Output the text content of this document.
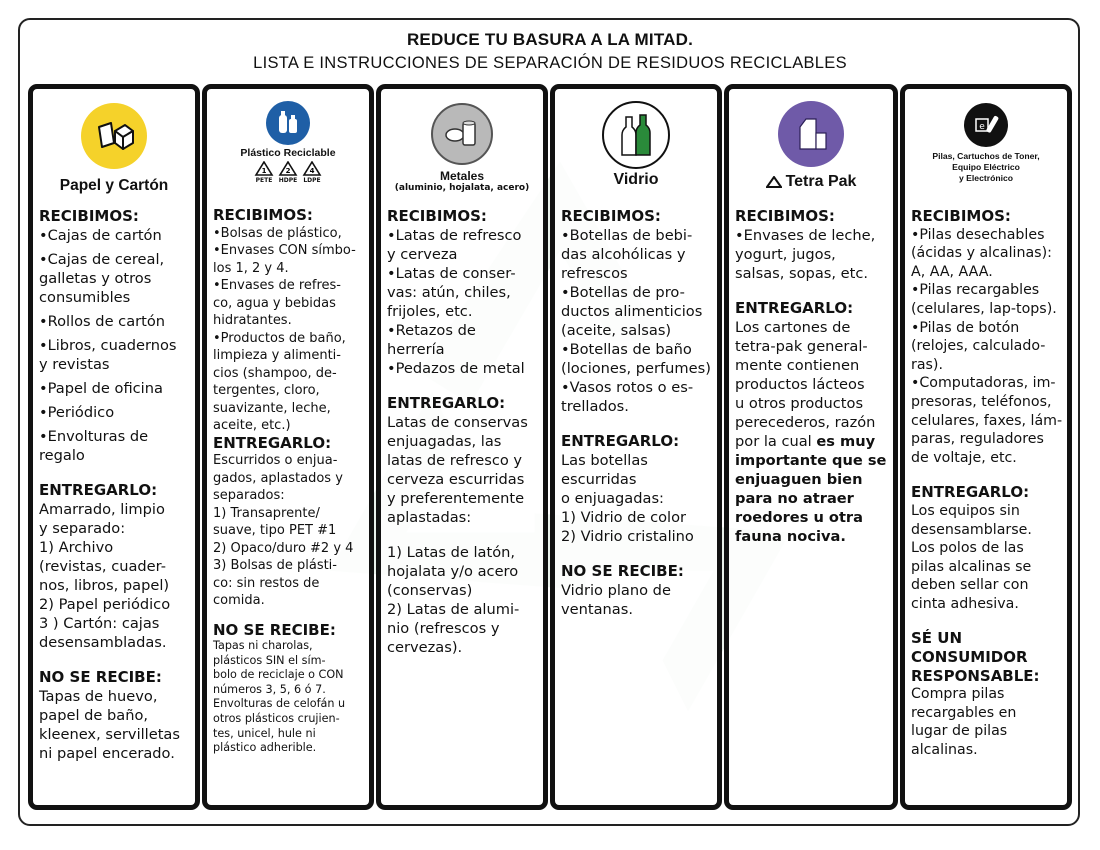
REDUCE TU BASURA A LA MITAD.
LISTA E INSTRUCCIONES DE SEPARACIÓN DE RESIDUOS RECICLABLES
Papel y Cartón
RECIBIMOS:
•Cajas de cartón
•Cajas de cereal,
galletas y otros
consumibles
•Rollos de cartón
•Libros, cuadernos
y revistas
•Papel de oficina
•Periódico
•Envolturas de
regalo
ENTREGARLO:
Amarrado, limpio
y separado:
1) Archivo
(revistas, cuader-
nos, libros, papel)
2) Papel periódico
3 ) Cartón: cajas
desensambladas.
NO SE RECIBE:
Tapas de huevo,
papel de baño,
kleenex, servilletas
ni papel encerado.
Plástico Reciclable
1
PETE
2
HDPE
4
LDPE
RECIBIMOS:
•Bolsas de plástico,
•Envases CON símbo-
los 1, 2 y 4.
•Envases de refres-
co, agua y bebidas
hidratantes.
•Productos de baño,
limpieza y alimenti-
cios (shampoo, de-
tergentes, cloro,
suavizante, leche,
aceite, etc.)
ENTREGARLO:
Escurridos o enjua-
gados, aplastados y
separados:
1) Transaprente/
suave, tipo PET #1
2) Opaco/duro #2 y 4
3) Bolsas de plásti-
co: sin restos de
comida.
NO SE RECIBE:
Tapas ni charolas,
plásticos SIN el sím-
bolo de reciclaje o CON
números 3, 5, 6 ó 7.
Envolturas de celofán u
otros plásticos crujien-
tes, unicel, hule ni
plástico adherible.
Metales
(aluminio, hojalata, acero)
RECIBIMOS:
•Latas de refresco
y cerveza
•Latas de conser-
vas: atún, chiles,
frijoles, etc.
•Retazos de
herrería
•Pedazos de metal
ENTREGARLO:
Latas de conservas
enjuagadas, las
latas de refresco y
cerveza escurridas
y preferentemente
aplastadas:
1) Latas de latón,
hojalata y/o acero
(conservas)
2) Latas de alumi-
nio (refrescos y
cervezas).
Vidrio
RECIBIMOS:
•Botellas de bebi-
das alcohólicas y
refrescos
•Botellas de pro-
ductos alimenticios
(aceite, salsas)
•Botellas de baño
(lociones, perfumes)
•Vasos rotos o es-
trellados.
ENTREGARLO:
Las botellas
escurridas
o enjuagadas:
1) Vidrio de color
2) Vidrio cristalino
NO SE RECIBE:
Vidrio plano de
ventanas.
Tetra Pak
RECIBIMOS:
•Envases de leche,
yogurt, jugos,
salsas, sopas, etc.
ENTREGARLO:
Los cartones de
tetra-pak general-
mente contienen
productos lácteos
u otros productos
perecederos, razón
por la cual es muy
importante que se
enjuaguen bien
para no atraer
roedores u otra
fauna nociva.
e
Pilas, Cartuchos de Toner,
Equipo Eléctrico
y Electrónico
RECIBIMOS:
•Pilas desechables
(ácidas y alcalinas):
A, AA, AAA.
•Pilas recargables
(celulares, lap-tops).
•Pilas de botón
(relojes, calculado-
ras).
•Computadoras, im-
presoras, teléfonos,
celulares, faxes, lám-
paras, reguladores
de voltaje, etc.
ENTREGARLO:
Los equipos sin
desensamblarse.
Los polos de las
pilas alcalinas se
deben sellar con
cinta adhesiva.
SÉ UN
CONSUMIDOR
RESPONSABLE:
Compra pilas
recargables en
lugar de pilas
alcalinas.
